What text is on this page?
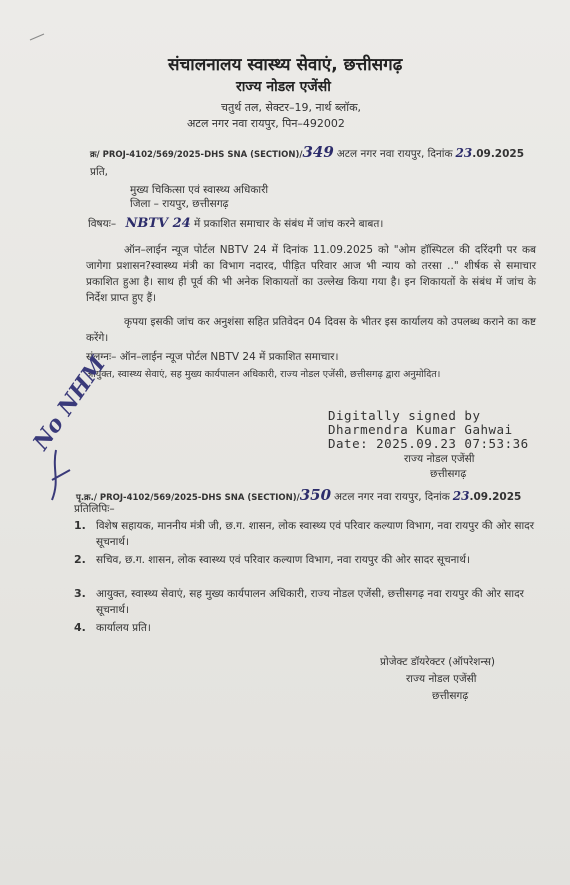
संचालनालय स्वास्थ्य सेवाएं, छत्तीसगढ़
राज्य नोडल एजेंसी
चतुर्थ तल, सेक्टर–19, नार्थ ब्लॉक,
अटल नगर नवा रायपुर, पिन–492002
क्र/ PROJ-4102/569/2025-DHS SNA (SECTION)/349 अटल नगर नवा रायपुर, दिनांक 23.09.2025
प्रति,
मुख्य चिकित्सा एवं स्वास्थ्य अधिकारी
जिला – रायपुर, छत्तीसगढ़
विषयः– NBTV 24 में प्रकाशित समाचार के संबंध में जांच करने बाबत।
ऑन–लाईन न्यूज पोर्टल NBTV 24 में दिनांक 11.09.2025 को "ओम हॉस्पिटल की दरिंदगी पर कब जागेगा प्रशासन?स्वास्थ्य मंत्री का विभाग नदारद, पीड़ित परिवार आज भी न्याय को तरसा .." शीर्षक से समाचार प्रकाशित हुआ है। साथ ही पूर्व की भी अनेक शिकायतों का उल्लेख किया गया है। इन शिकायतों के संबंध में जांच के निर्देश प्राप्त हुए हैं।
कृपया इसकी जांच कर अनुशंसा सहित प्रतिवेदन 04 दिवस के भीतर इस कार्यालय को उपलब्ध कराने का कष्ट करेंगे।
संलग्नः– ऑन–लाईन न्यूज पोर्टल NBTV 24 में प्रकाशित समाचार।
आयुक्त, स्वास्थ्य सेवाएं, सह मुख्य कार्यपालन अधिकारी, राज्य नोडल एजेंसी, छत्तीसगढ़ द्वारा अनुमोदित।
Digitally signed by
Dharmendra Kumar Gahwai
Date: 2025.09.23 07:53:36
राज्य नोडल एजेंसी
छत्तीसगढ़
No NHM
पृ.क्र./ PROJ-4102/569/2025-DHS SNA (SECTION)/350 अटल नगर नवा रायपुर, दिनांक 23.09.2025
प्रतिलिपिः–
1. विशेष सहायक, माननीय मंत्री जी, छ.ग. शासन, लोक स्वास्थ्य एवं परिवार कल्याण विभाग, नवा रायपुर की ओर सादर सूचनार्थ।
2. सचिव, छ.ग. शासन, लोक स्वास्थ्य एवं परिवार कल्याण विभाग, नवा रायपुर की ओर सादर सूचनार्थ।
3. आयुक्त, स्वास्थ्य सेवाएं, सह मुख्य कार्यपालन अधिकारी, राज्य नोडल एजेंसी, छत्तीसगढ़ नवा रायपुर की ओर सादर सूचनार्थ।
4. कार्यालय प्रति।
प्रोजेक्ट डॉयरेक्टर (ऑपरेशन्स)
राज्य नोडल एजेंसी
छत्तीसगढ़
